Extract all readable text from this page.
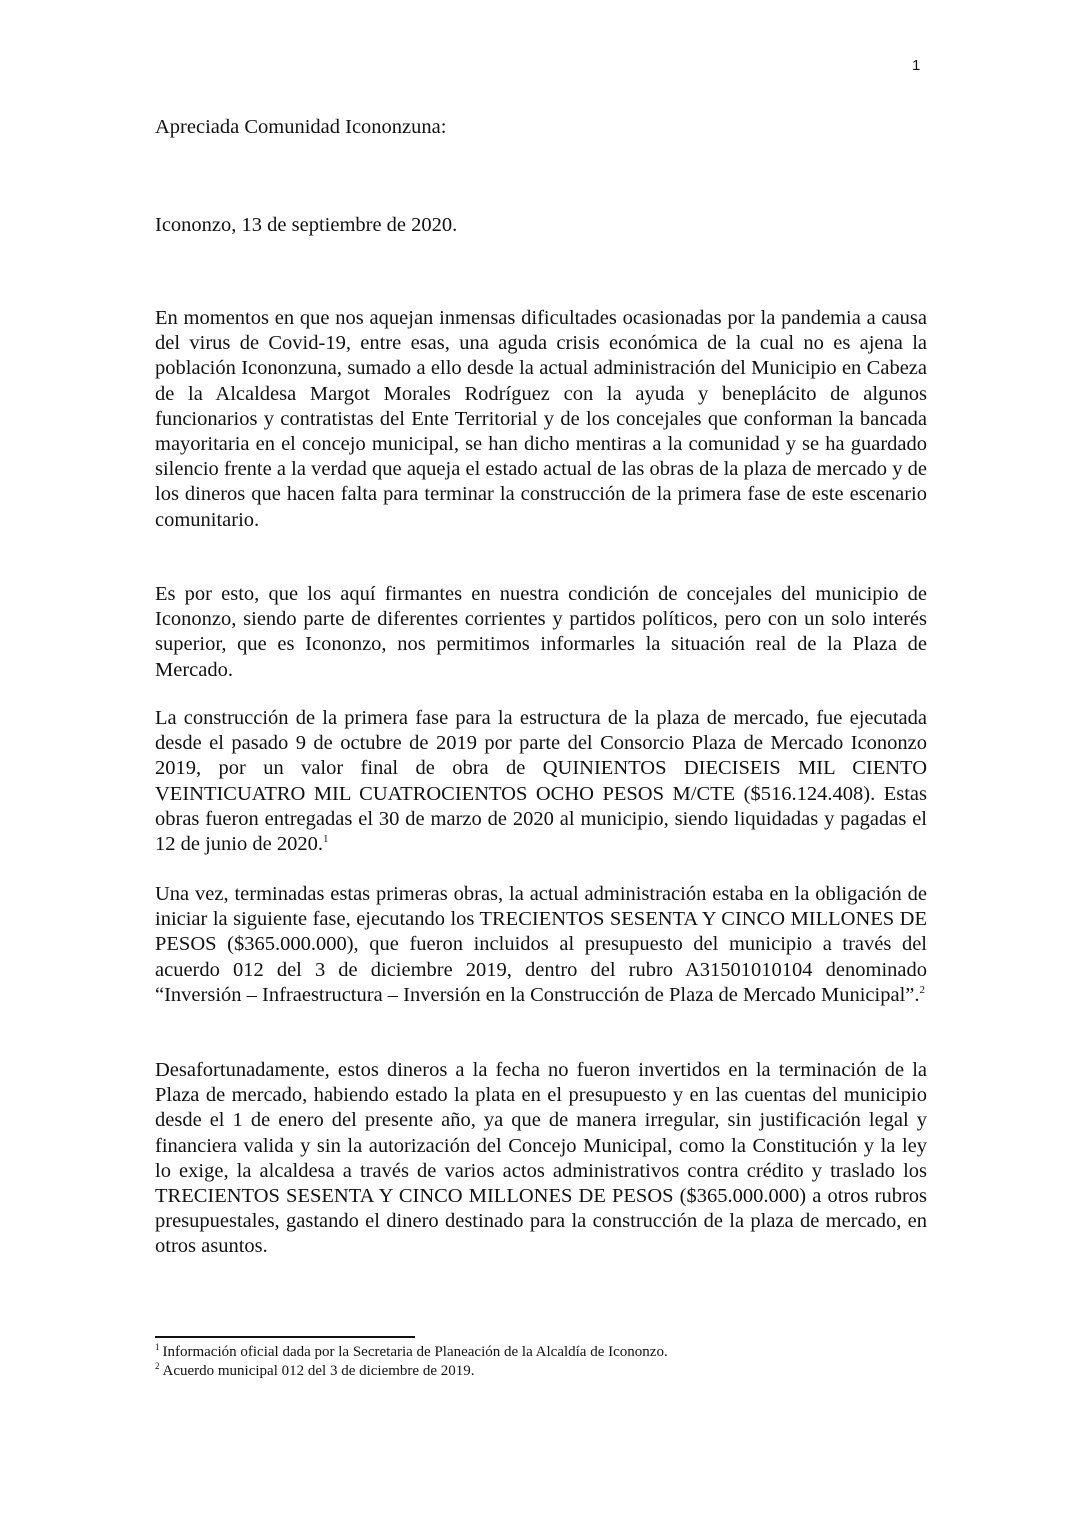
1

Apreciada Comunidad Icononzuna:

Icononzo, 13 de septiembre de 2020.

En momentos en que nos aquejan inmensas dificultades ocasionadas por la pandemia a causa del virus de Covid-19, entre esas, una aguda crisis económica de la cual no es ajena la población Icononzuna, sumado a ello desde la actual administración del Municipio en Cabeza de la Alcaldesa Margot Morales Rodríguez con la ayuda y beneplácito de algunos funcionarios y contratistas del Ente Territorial y de los concejales que conforman la bancada mayoritaria en el concejo municipal, se han dicho mentiras a la comunidad y se ha guardado silencio frente a la verdad que aqueja el estado actual de las obras de la plaza de mercado y de los dineros que hacen falta para terminar la construcción de la primera fase de este escenario comunitario.

Es por esto, que los aquí firmantes en nuestra condición de concejales del municipio de Icononzo, siendo parte de diferentes corrientes y partidos políticos, pero con un solo interés superior, que es Icononzo, nos permitimos informarles la situación real de la Plaza de Mercado.

La construcción de la primera fase para la estructura de la plaza de mercado, fue ejecutada desde el pasado 9 de octubre de 2019 por parte del Consorcio Plaza de Mercado Icononzo 2019, por un valor final de obra de QUINIENTOS DIECISEIS MIL CIENTO VEINTICUATRO MIL CUATROCIENTOS OCHO PESOS M/CTE ($516.124.408). Estas obras fueron entregadas el 30 de marzo de 2020 al municipio, siendo liquidadas y pagadas el 12 de junio de 2020.$^1$

Una vez, terminadas estas primeras obras, la actual administración estaba en la obligación de iniciar la siguiente fase, ejecutando los TRECIENTOS SESENTA Y CINCO MILLONES DE PESOS ($365.000.000), que fueron incluidos al presupuesto del municipio a través del acuerdo 012 del 3 de diciembre 2019, dentro del rubro A31501010104 denominado “Inversión – Infraestructura – Inversión en la Construcción de Plaza de Mercado Municipal”.$^2$

Desafortunadamente, estos dineros a la fecha no fueron invertidos en la terminación de la Plaza de mercado, habiendo estado la plata en el presupuesto y en las cuentas del municipio desde el 1 de enero del presente año, ya que de manera irregular, sin justificación legal y financiera valida y sin la autorización del Concejo Municipal, como la Constitución y la ley lo exige, la alcaldesa a través de varios actos administrativos contra crédito y traslado los TRECIENTOS SESENTA Y CINCO MILLONES DE PESOS ($365.000.000) a otros rubros presupuestales, gastando el dinero destinado para la construcción de la plaza de mercado, en otros asuntos.

$^1$ Información oficial dada por la Secretaria de Planeación de la Alcaldía de Icononzo.

$^2$ Acuerdo municipal 012 del 3 de diciembre de 2019.
